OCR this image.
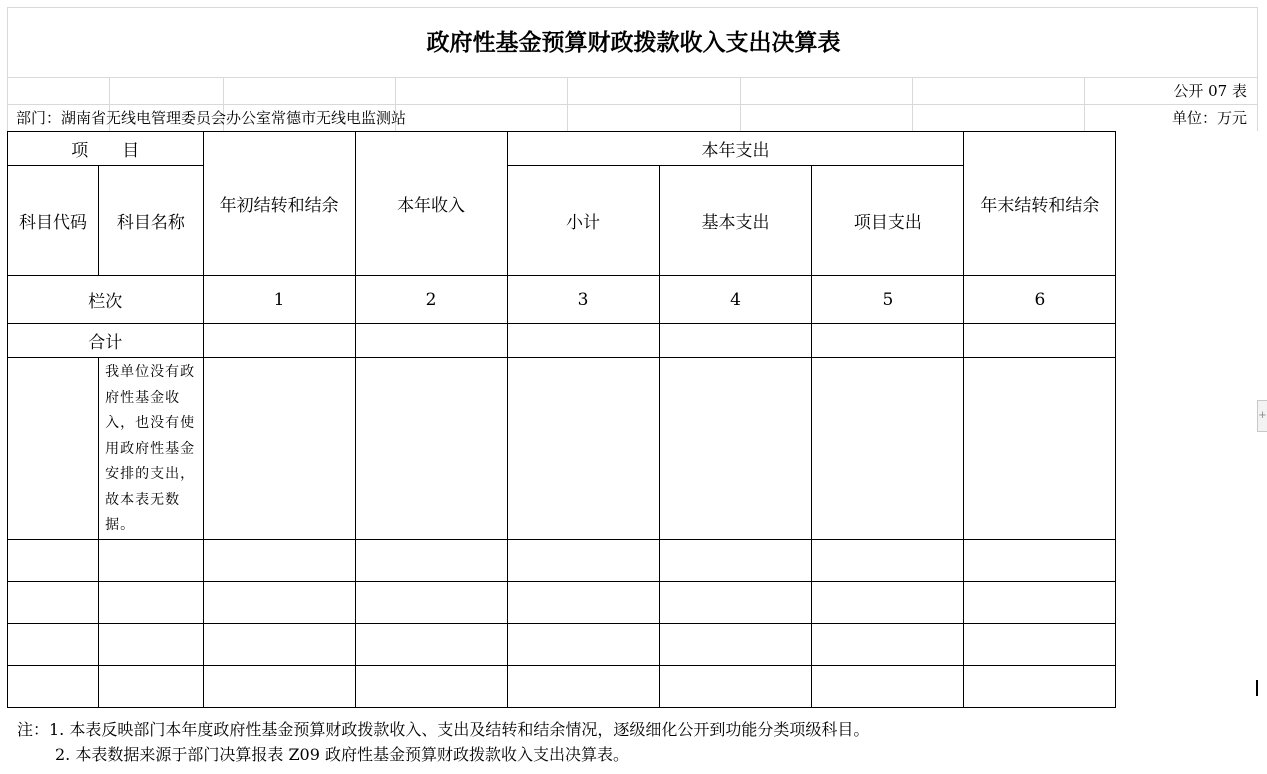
政府性基金预算财政拨款收入支出决算表
公开 07 表
部门：湖南省无线电管理委员会办公室常德市无线电监测站	单位：万元
项　　目		年初结转和结余	本年收入	本年支出			年末结转和结余
科目代码	科目名称			小计	基本支出	项目支出	
栏次		1	2	3	4	5	6
合计							
	我单位没有政府性基金收入，也没有使用政府性基金安排的支出，故本表无数据。						

+
注：1. 本表反映部门本年度政府性基金预算财政拨款收入、支出及结转和结余情况，逐级细化公开到功能分类项级科目。
2. 本表数据来源于部门决算报表 Z09 政府性基金预算财政拨款收入支出决算表。
